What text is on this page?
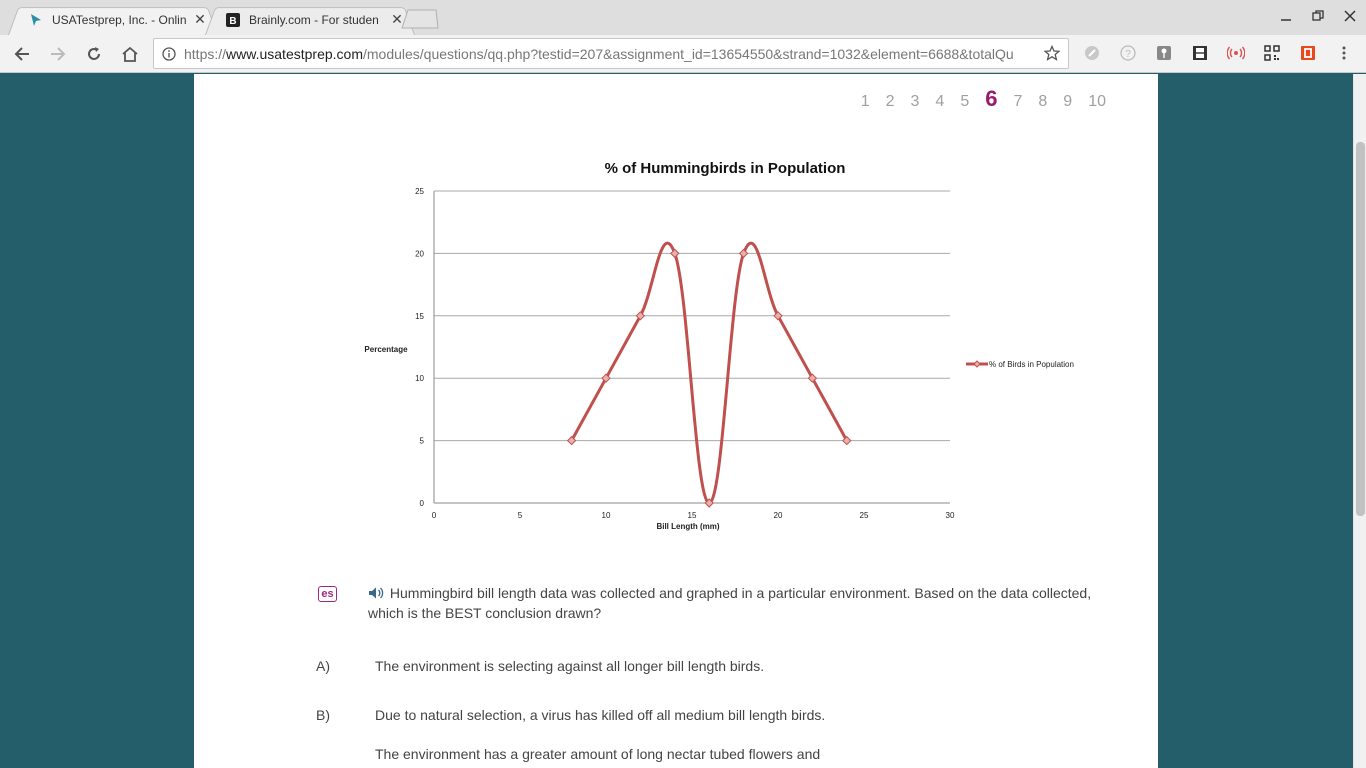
USATestprep, Inc. - Onlin ✕ B Brainly.com - For studen ✕
https://www.usatestprep.com/modules/questions/qq.php?testid=207&assignment_id=13654550&strand=1032&element=6688&totalQu	?
1	2	3	4	5 6	7	8	9	10
% of Hummingbirds in Population
0
5
10
15
20
25
0	5	10	15	20	25	30
Bill Length (mm)
Percentage
% of Birds in Population
es	Hummingbird bill length data was collected and graphed in a particular environment. Based on the data collected, which is the BEST conclusion drawn?
A)	The environment is selecting against all longer bill length birds.
B)	Due to natural selection, a virus has killed off all medium bill length birds.
The environment has a greater amount of long nectar tubed flowers and
